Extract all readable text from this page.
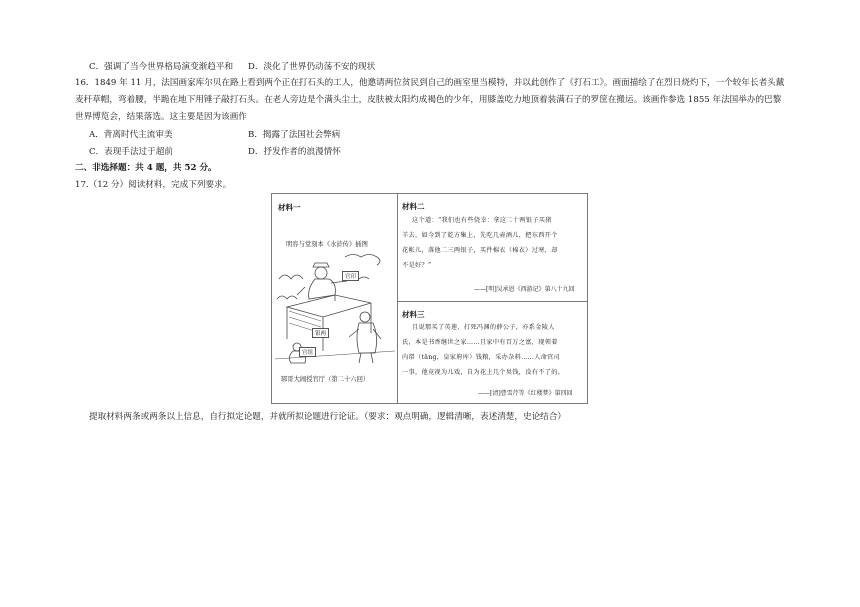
C．强调了当今世界格局演变渐趋平和 D．淡化了世界仍动荡不安的现状
16．1849 年 11 月，法国画家库尔贝在路上看到两个正在打石头的工人，他邀请两位贫民到自己的画室里当模特，并以此创作了《打石工》。画面描绘了在烈日烧灼下，一个较年长者头戴
麦秆草帽，弯着腰，半跪在地下用锤子敲打石头。在老人旁边是个满头尘土，皮肤被太阳灼成褐色的少年，用膝盖吃力地顶着装满石子的罗筐在搬运。该画作参选 1855 年法国举办的巴黎
世界博览会，结果落选。这主要是因为该画作
A．背离时代主流审美	B．揭露了法国社会弊病
C．表现手法过于超前	D．抒发作者的浪漫情怀
二、非选择题：共 4 题，共 52 分。
17.（12 分）阅读材料，完成下列要求。
材料一
明容与堂刻本《水浒传》插图
官印
银两
官组
郓哥大闹授官厅（第二十六回）
材料二
这个道：“我们也有些侥幸：拿这二十两银子买猪
羊去，如今到了乾方集上，先吃几壶酒儿，把东西开个
花帐儿，落他二三两银子，买件棉衣（棉衣）过寒，却
不是好？”
——[明]吴承恩《西游记》第八十九回
材料三
且说那买了英莲、打死冯渊的薛公子，亦系金陵人
氏，本是书香继世之家……且家中有百万之富，现领着
内帑（tǎng，皇家府库）钱粮，采办杂料……人命官司
一事，他竟视为儿戏，自为花上几个臭钱，没有不了的。
——[清]曹雪芹等《红楼梦》第四回
提取材料两条或两条以上信息，自行拟定论题，并就所拟论题进行论证。（要求：观点明确，逻辑清晰，表述清楚，史论结合）
